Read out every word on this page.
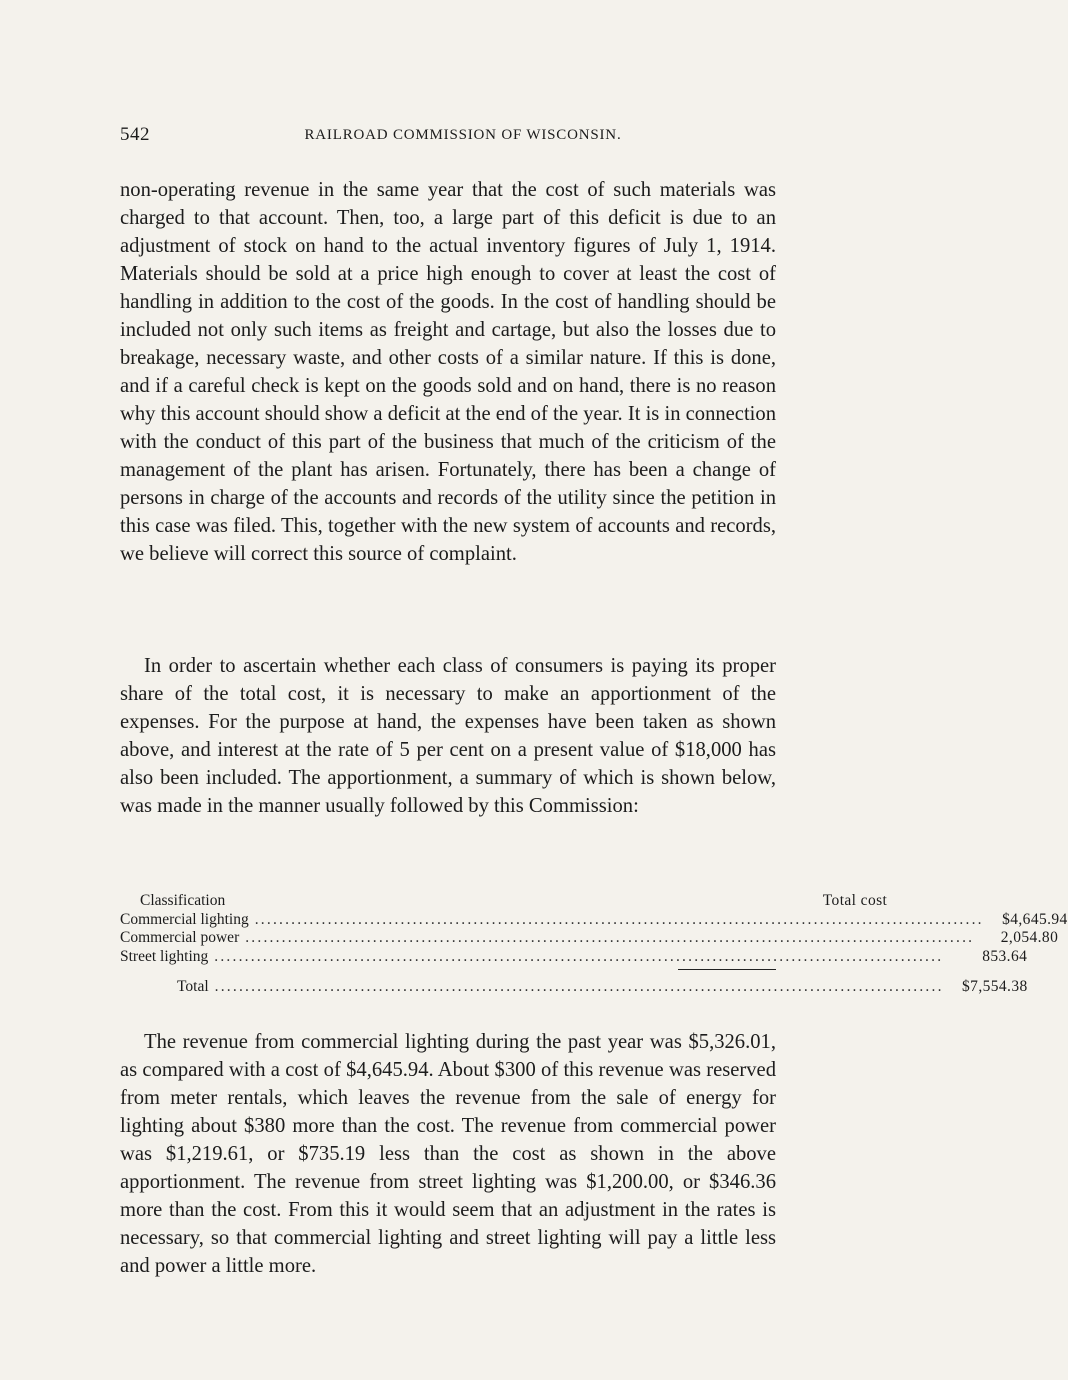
542	RAILROAD COMMISSION OF WISCONSIN.

non-operating revenue in the same year that the cost of such materials was charged to that account. Then, too, a large part of this deficit is due to an adjustment of stock on hand to the actual inventory figures of July 1, 1914. Materials should be sold at a price high enough to cover at least the cost of handling in addition to the cost of the goods. In the cost of handling should be included not only such items as freight and cartage, but also the losses due to breakage, necessary waste, and other costs of a similar nature. If this is done, and if a careful check is kept on the goods sold and on hand, there is no reason why this account should show a deficit at the end of the year. It is in connection with the conduct of this part of the business that much of the criticism of the management of the plant has arisen. Fortunately, there has been a change of persons in charge of the accounts and records of the utility since the petition in this case was filed. This, together with the new system of accounts and records, we believe will correct this source of complaint.

In order to ascertain whether each class of consumers is paying its proper share of the total cost, it is necessary to make an apportionment of the expenses. For the purpose at hand, the expenses have been taken as shown above, and interest at the rate of 5 per cent on a present value of $18,000 has also been included. The apportionment, a summary of which is shown below, was made in the manner usually followed by this Commission:

Classification	Total cost
Commercial lighting ........................................................................................................................	$4,645.94
Commercial power ........................................................................................................................	2,054.80
Street lighting ........................................................................................................................	853.64
Total ........................................................................................................................	$7,554.38

The revenue from commercial lighting during the past year was $5,326.01, as compared with a cost of $4,645.94. About $300 of this revenue was reserved from meter rentals, which leaves the revenue from the sale of energy for lighting about $380 more than the cost. The revenue from commercial power was $1,219.61, or $735.19 less than the cost as shown in the above apportionment. The revenue from street lighting was $1,200.00, or $346.36 more than the cost. From this it would seem that an adjustment in the rates is necessary, so that commercial lighting and street lighting will pay a little less and power a little more.
